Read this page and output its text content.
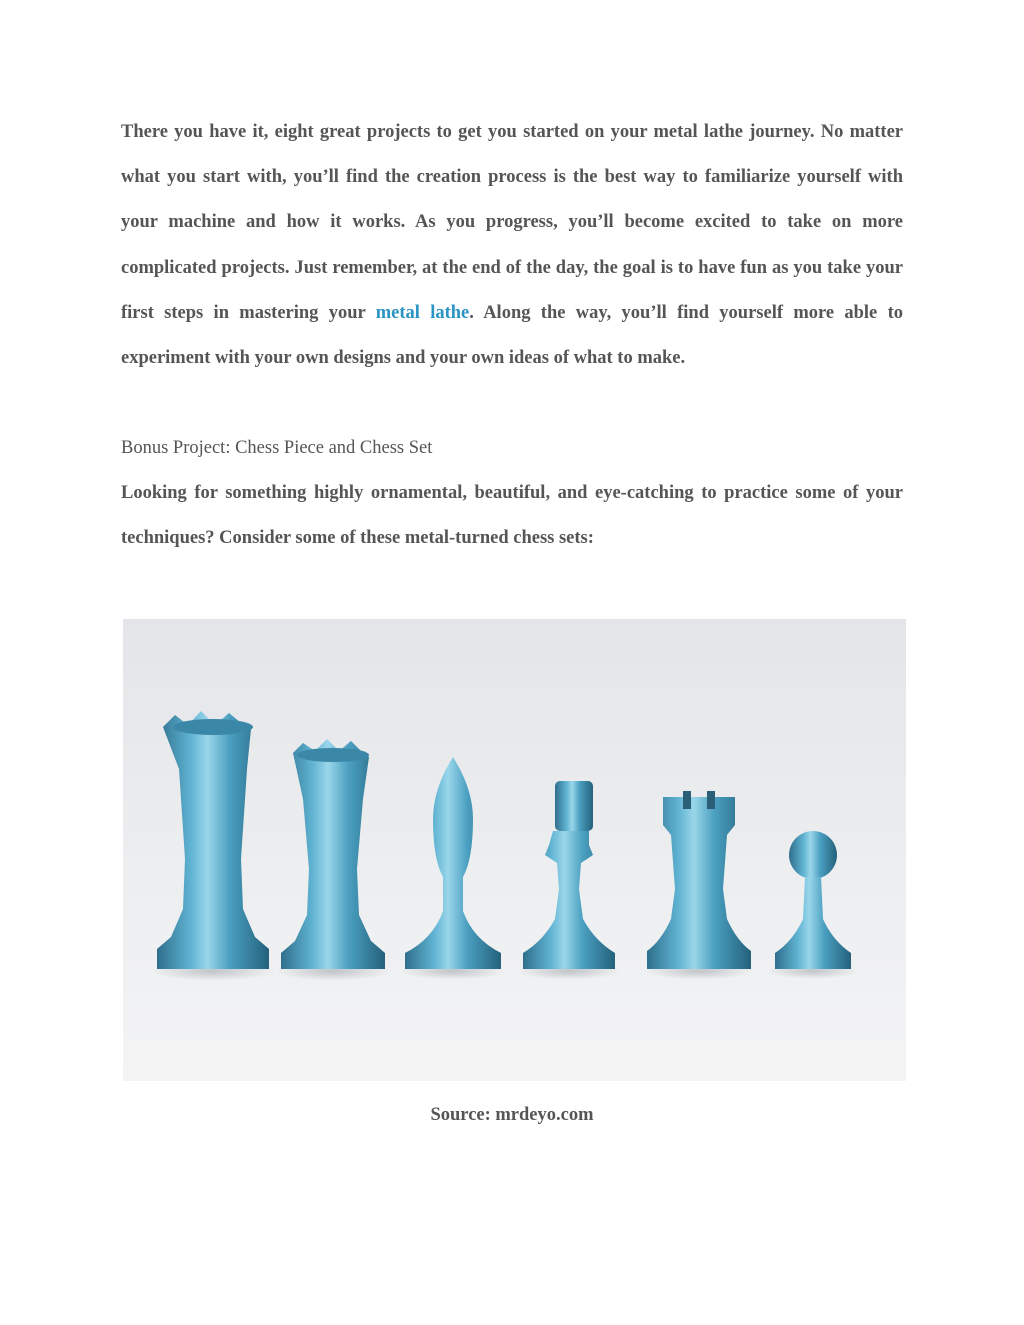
There you have it, eight great projects to get you started on your metal lathe journey. No matter what you start with, you’ll find the creation process is the best way to familiarize yourself with your machine and how it works. As you progress, you’ll become excited to take on more complicated projects. Just remember, at the end of the day, the goal is to have fun as you take your first steps in mastering your metal lathe. Along the way, you’ll find yourself more able to experiment with your own designs and your own ideas of what to make.

Bonus Project: Chess Piece and Chess Set

Looking for something highly ornamental, beautiful, and eye-catching to practice some of your techniques? Consider some of these metal-turned chess sets:

Source: mrdeyo.com
